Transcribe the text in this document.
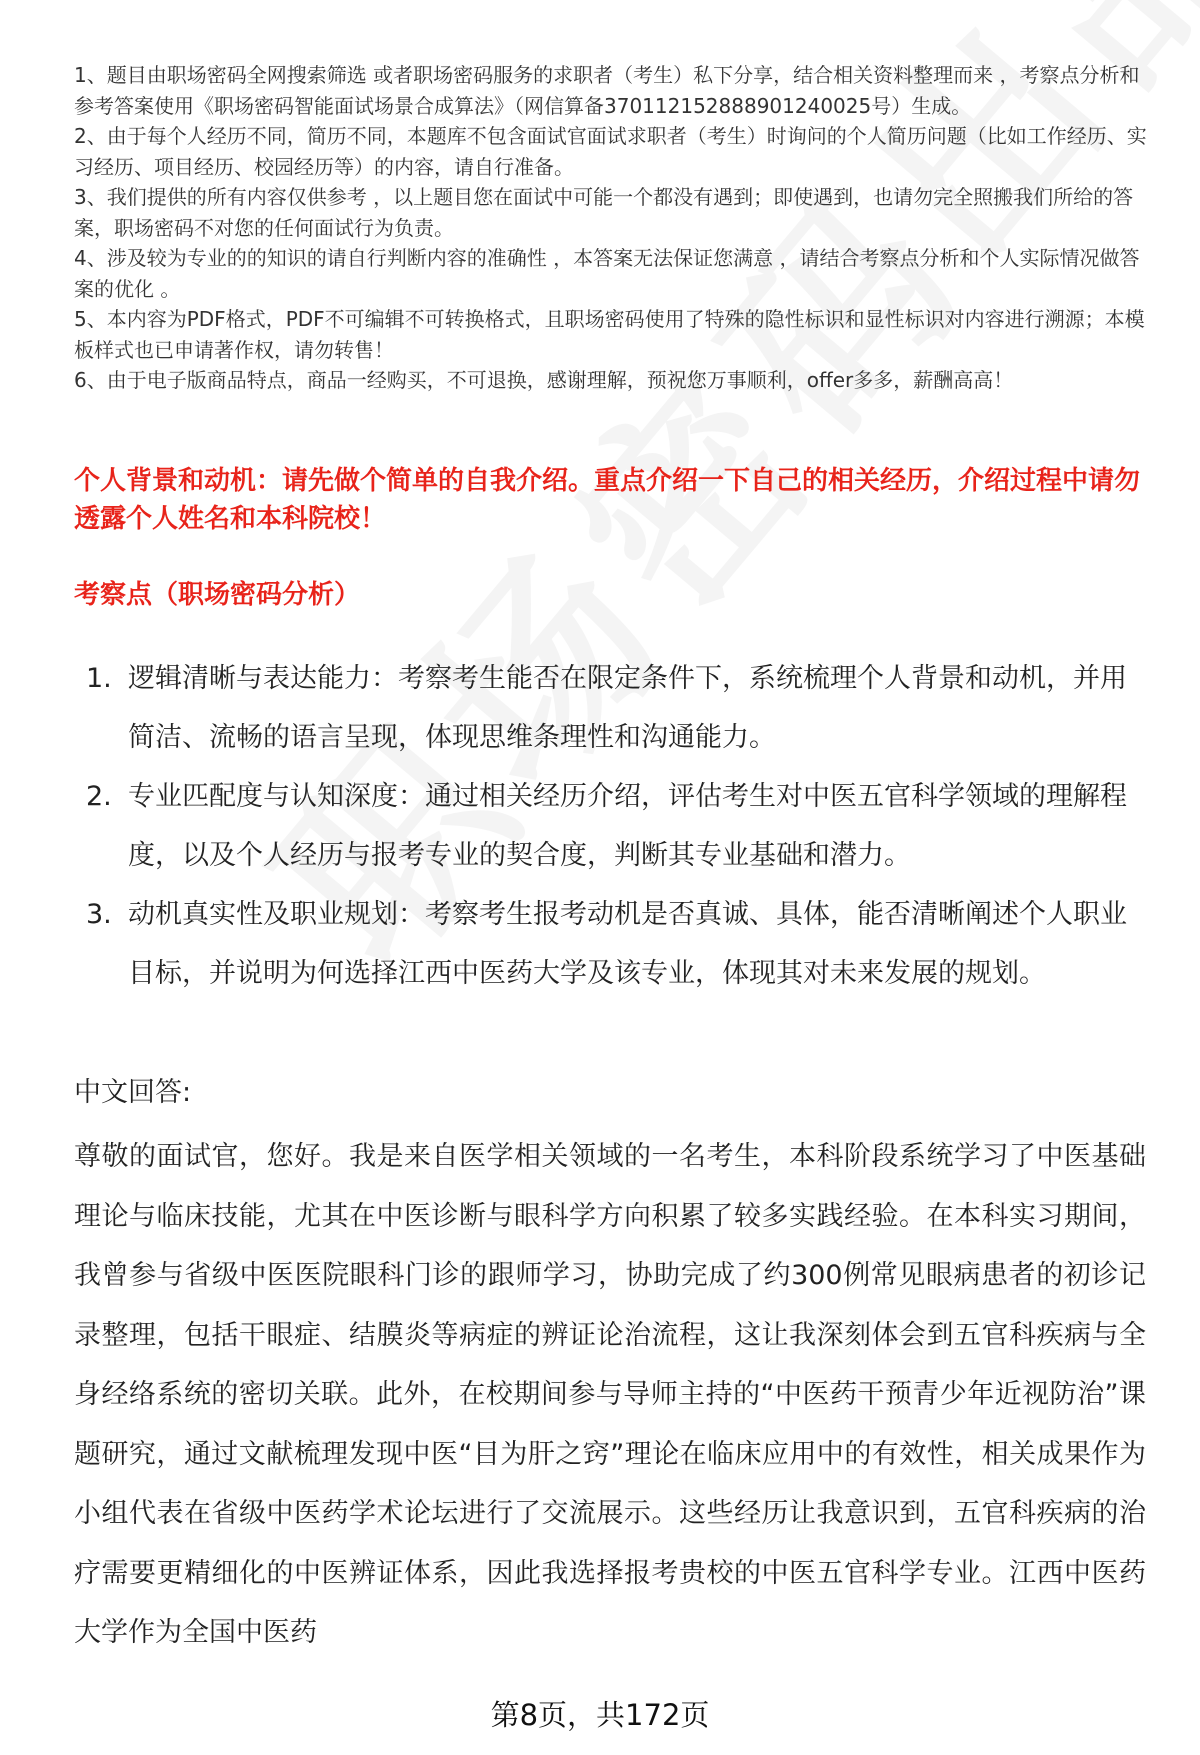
1、题目由职场密码全网搜索筛选 或者职场密码服务的求职者（考生）私下分享，结合相关资料整理而来 ，考察点分析和参考答案使用《职场密码智能面试场景合成算法》（网信算备370112152888901240025号）生成。

2、由于每个人经历不同，简历不同，本题库不包含面试官面试求职者（考生）时询问的个人简历问题（比如工作经历、实习经历、项目经历、校园经历等）的内容，请自行准备。

3、我们提供的所有内容仅供参考 ，以上题目您在面试中可能一个都没有遇到；即使遇到，也请勿完全照搬我们所给的答案，职场密码不对您的任何面试行为负责。

4、涉及较为专业的的知识的请自行判断内容的准确性 ，本答案无法保证您满意 ，请结合考察点分析和个人实际情况做答案的优化 。

5、本内容为PDF格式，PDF不可编辑不可转换格式，且职场密码使用了特殊的隐性标识和显性标识对内容进行溯源；本模板样式也已申请著作权，请勿转售！

6、由于电子版商品特点，商品一经购买，不可退换，感谢理解，预祝您万事顺利，offer多多，薪酬高高！

个人背景和动机：请先做个简单的自我介绍。重点介绍一下自己的相关经历，介绍过程中请勿透露个人姓名和本科院校！

考察点（职场密码分析）

1. 逻辑清晰与表达能力：考察考生能否在限定条件下，系统梳理个人背景和动机，并用简洁、流畅的语言呈现，体现思维条理性和沟通能力。
2. 专业匹配度与认知深度：通过相关经历介绍，评估考生对中医五官科学领域的理解程度，以及个人经历与报考专业的契合度，判断其专业基础和潜力。
3. 动机真实性及职业规划：考察考生报考动机是否真诚、具体，能否清晰阐述个人职业目标，并说明为何选择江西中医药大学及该专业，体现其对未来发展的规划。

中文回答:

尊敬的面试官，您好。我是来自医学相关领域的一名考生，本科阶段系统学习了中医基础理论与临床技能，尤其在中医诊断与眼科学方向积累了较多实践经验。在本科实习期间，我曾参与省级中医医院眼科门诊的跟师学习，协助完成了约300例常见眼病患者的初诊记录整理，包括干眼症、结膜炎等病症的辨证论治流程，这让我深刻体会到五官科疾病与全身经络系统的密切关联。此外，在校期间参与导师主持的“中医药干预青少年近视防治”课题研究，通过文献梳理发现中医“目为肝之窍”理论在临床应用中的有效性，相关成果作为小组代表在省级中医药学术论坛进行了交流展示。这些经历让我意识到，五官科疾病的治疗需要更精细化的中医辨证体系，因此我选择报考贵校的中医五官科学专业。江西中医药大学作为全国中医药

第8页，共172页
